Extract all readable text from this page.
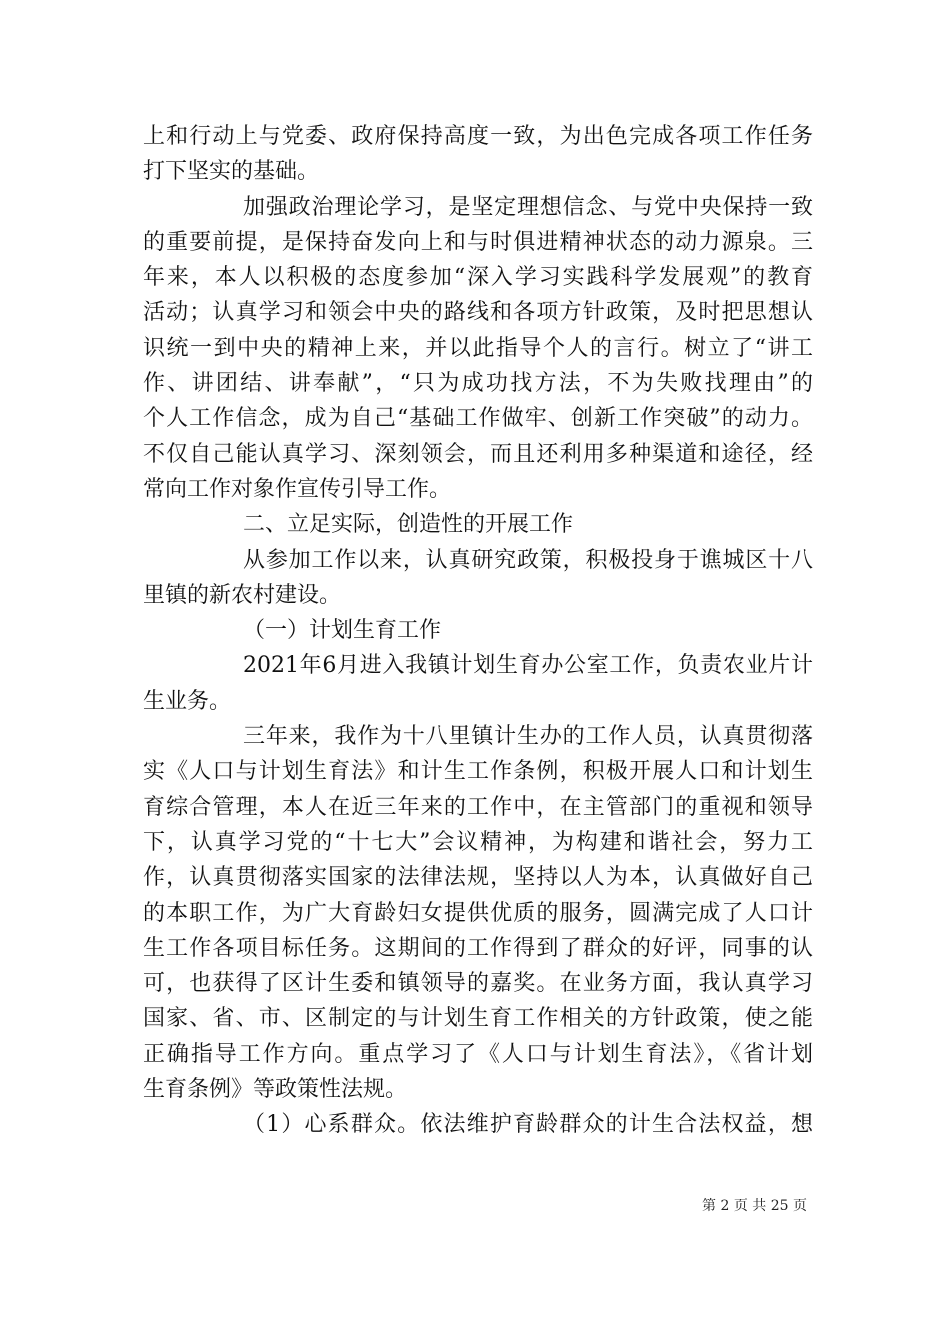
上和行动上与党委、政府保持高度一致，为出色完成各项工作任务
打下坚实的基础。
加强政治理论学习，是坚定理想信念、与党中央保持一致
的重要前提，是保持奋发向上和与时俱进精神状态的动力源泉。三
年来，本人以积极的态度参加“深入学习实践科学发展观”的教育
活动；认真学习和领会中央的路线和各项方针政策，及时把思想认
识统一到中央的精神上来，并以此指导个人的言行。树立了“讲工
作、讲团结、讲奉献”，“只为成功找方法，不为失败找理由”的
个人工作信念，成为自己“基础工作做牢、创新工作突破”的动力。
不仅自己能认真学习、深刻领会，而且还利用多种渠道和途径，经
常向工作对象作宣传引导工作。
二、立足实际，创造性的开展工作
从参加工作以来，认真研究政策，积极投身于谯城区十八
里镇的新农村建设。
（一）计划生育工作
2021年6月进入我镇计划生育办公室工作，负责农业片计
生业务。
三年来，我作为十八里镇计生办的工作人员，认真贯彻落
实《人口与计划生育法》和计生工作条例，积极开展人口和计划生
育综合管理，本人在近三年来的工作中，在主管部门的重视和领导
下，认真学习党的“十七大”会议精神，为构建和谐社会，努力工
作，认真贯彻落实国家的法律法规，坚持以人为本，认真做好自己
的本职工作，为广大育龄妇女提供优质的服务，圆满完成了人口计
生工作各项目标任务。这期间的工作得到了群众的好评，同事的认
可，也获得了区计生委和镇领导的嘉奖。在业务方面，我认真学习
国家、省、市、区制定的与计划生育工作相关的方针政策，使之能
正确指导工作方向。重点学习了《人口与计划生育法》，《省计划
生育条例》等政策性法规。
（1）心系群众。依法维护育龄群众的计生合法权益，想
第 2 页 共 25 页
